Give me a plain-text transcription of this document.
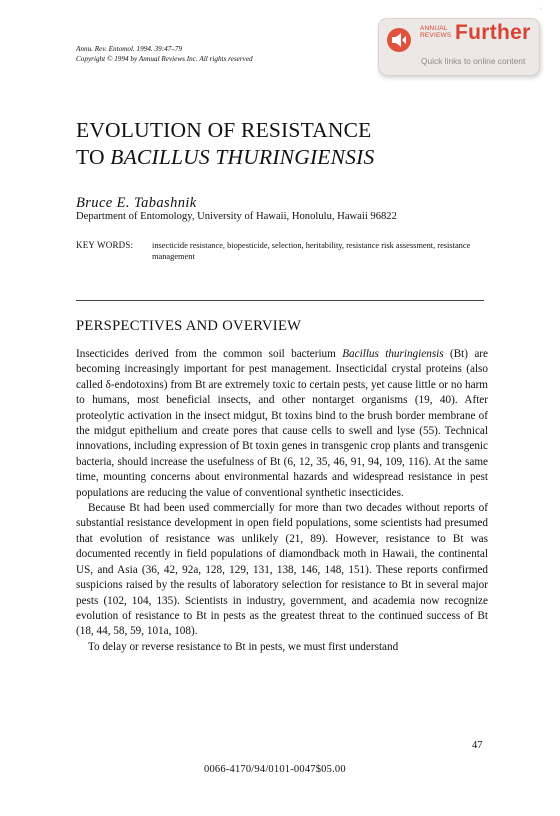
Annu. Rev. Entomol. 1994. 39:47–79
Copyright © 1994 by Annual Reviews Inc. All rights reserved
·
ANNUAL
REVIEWS Further
Quick links to online content
EVOLUTION OF RESISTANCE
TO BACILLUS THURINGIENSIS
Bruce E. Tabashnik
Department of Entomology, University of Hawaii, Honolulu, Hawaii 96822
KEY WORDS: insecticide resistance, biopesticide, selection, heritability, resistance risk assessment, resistance management
PERSPECTIVES AND OVERVIEW

Insecticides derived from the common soil bacterium Bacillus thuringiensis (Bt) are becoming increasingly important for pest management. Insecticidal crystal proteins (also called δ-endotoxins) from Bt are extremely toxic to certain pests, yet cause little or no harm to humans, most beneficial insects, and other nontarget organisms (19, 40). After proteolytic activation in the insect midgut, Bt toxins bind to the brush border membrane of the midgut epithelium and create pores that cause cells to swell and lyse (55). Technical innovations, including expression of Bt toxin genes in transgenic crop plants and transgenic bacteria, should increase the usefulness of Bt (6, 12, 35, 46, 91, 94, 109, 116). At the same time, mounting concerns about environmental hazards and widespread resistance in pest populations are reducing the value of conventional synthetic insecticides.

Because Bt had been used commercially for more than two decades without reports of substantial resistance development in open field populations, some scientists had presumed that evolution of resistance was unlikely (21, 89). However, resistance to Bt was documented recently in field populations of diamondback moth in Hawaii, the continental US, and Asia (36, 42, 92a, 128, 129, 131, 138, 146, 148, 151). These reports confirmed suspicions raised by the results of laboratory selection for resistance to Bt in several major pests (102, 104, 135). Scientists in industry, government, and academia now recognize evolution of resistance to Bt in pests as the greatest threat to the continued success of Bt (18, 44, 58, 59, 101a, 108).

To delay or reverse resistance to Bt in pests, we must first understand

47
0066-4170/94/0101-0047$05.00
